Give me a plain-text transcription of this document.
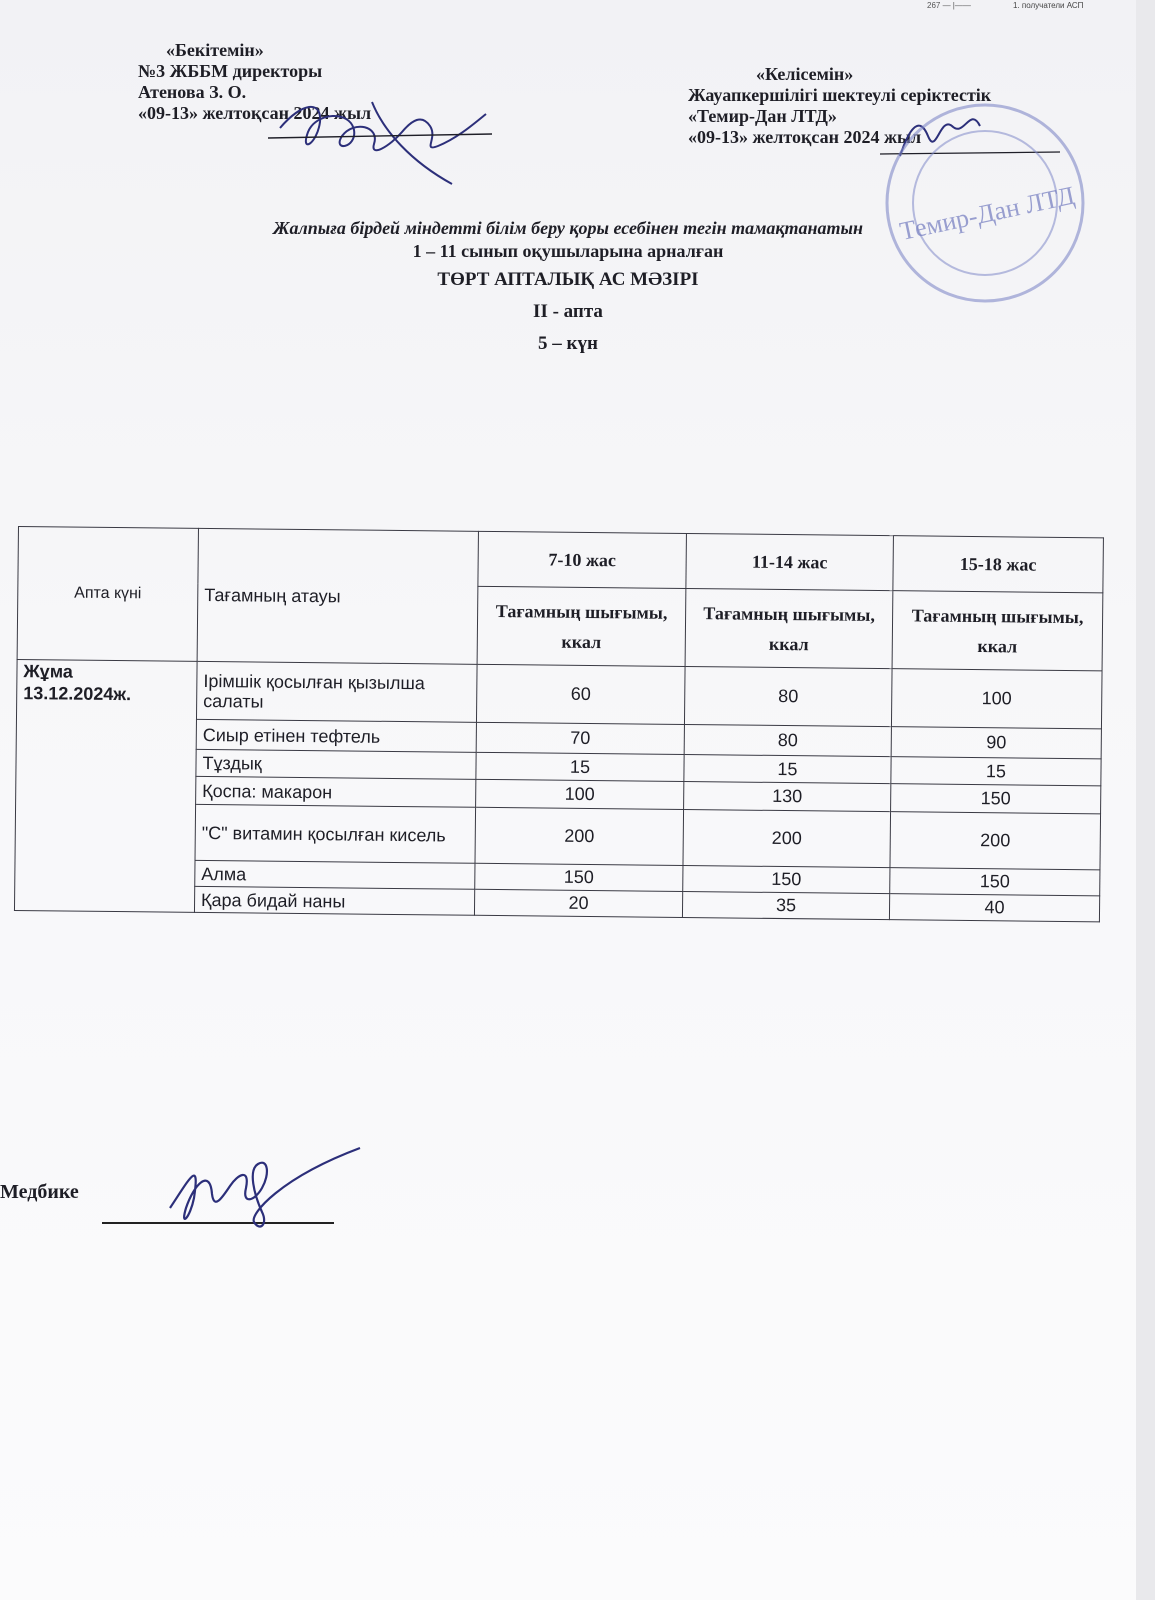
267 — |——	1. получатели АСП
«Бекітемін»
№3 ЖББМ директоры
Атенова З. О.
«09-13» желтоқсан 2024 жыл
«Келісемін»
Жауапкершілігі шектеулі серіктестік
«Темир-Дан ЛТД»
«09-13» желтоқсан 2024 жыл
Темир-Дан ЛТД
Жалпыға бірдей міндетті білім беру қоры есебінен тегін тамақтанатын
1 – 11 сынып оқушыларына арналған
ТӨРТ АПТАЛЫҚ АС МӘЗІРІ
II - апта
5 – күн
Апта күні	Тағамның атауы	7-10 жас	11-14 жас	15-18 жас
		Тағамның шығымы, ккал	Тағамның шығымы, ккал	Тағамның шығымы, ккал

Жұма
13.12.2024ж.	Ірімшік қосылған қызылша салаты	60	80	100
	Сиыр етінен тефтель	70	80	90
	Тұздық	15	15	15
	Қоспа: макарон	100	130	150
	"С" витамин қосылған кисель	200	200	200
	Алма	150	150	150
	Қара бидай наны	20	35	40
Медбике
